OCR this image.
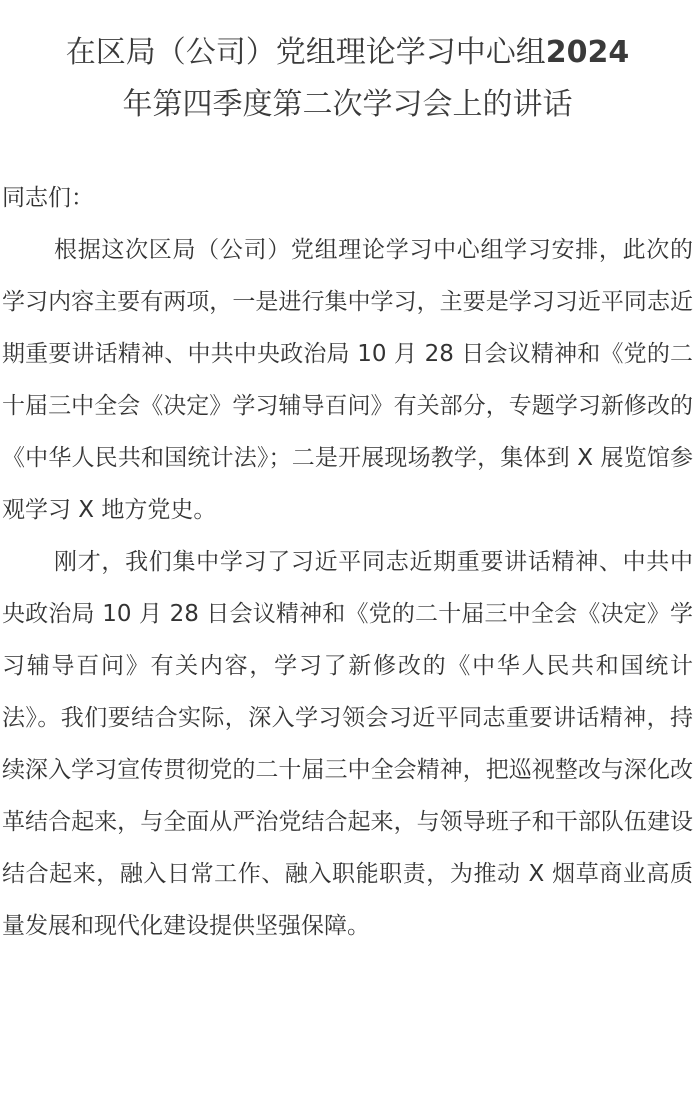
在区局（公司）党组理论学习中心组2024
年第四季度第二次学习会上的讲话

同志们：

根据这次区局（公司）党组理论学习中心组学习安排，此次的学习内容主要有两项，一是进行集中学习，主要是学习习近平同志近期重要讲话精神、中共中央政治局 10 月 28 日会议精神和《党的二十届三中全会《决定》学习辅导百问》有关部分，专题学习新修改的《中华人民共和国统计法》；二是开展现场教学，集体到 X 展览馆参观学习 X 地方党史。

刚才，我们集中学习了习近平同志近期重要讲话精神、中共中央政治局 10 月 28 日会议精神和《党的二十届三中全会《决定》学习辅导百问》有关内容，学习了新修改的《中华人民共和国统计法》。我们要结合实际，深入学习领会习近平同志重要讲话精神，持续深入学习宣传贯彻党的二十届三中全会精神，把巡视整改与深化改革结合起来，与全面从严治党结合起来，与领导班子和干部队伍建设结合起来，融入日常工作、融入职能职责，为推动 X 烟草商业高质量发展和现代化建设提供坚强保障。
